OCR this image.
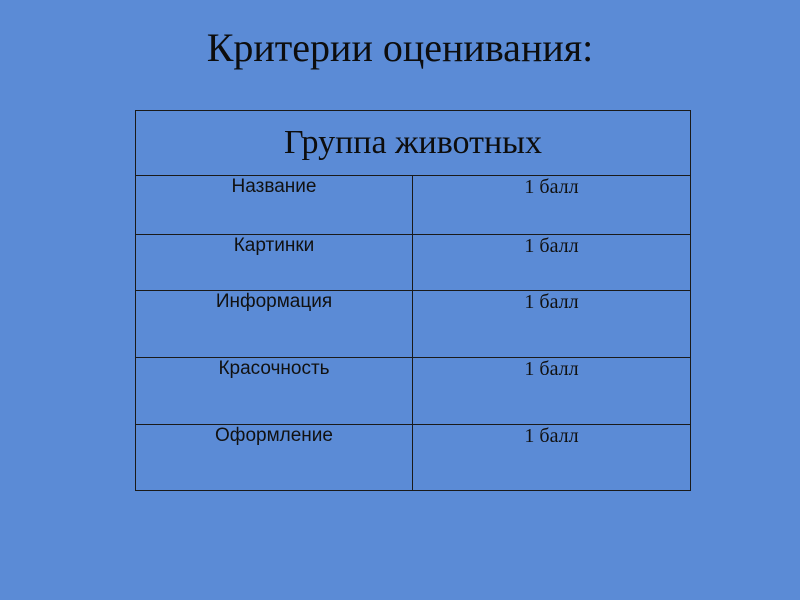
Критерии оценивания:
Группа животных	
Название	1 балл
Картинки	1 балл
Информация	1 балл
Красочность	1 балл
Оформление	1 балл
